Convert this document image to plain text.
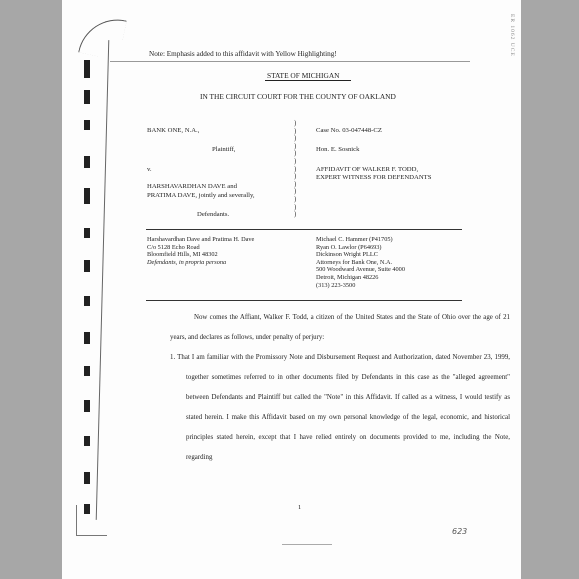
ER 1062 UCE
Note: Emphasis added to this affidavit with Yellow Highlighting!
STATE OF MICHIGAN
IN THE CIRCUIT COURT FOR THE COUNTY OF OAKLAND
BANK ONE, N.A.,
Plaintiff,
v.
HARSHAVARDHAN DAVE and
PRATIMA DAVE, jointly and severally,
Defendants.
)
)
)
)
)
)
)
)
)
)
)
)
)
Case No. 03-047448-CZ
Hon. E. Sosnick
AFFIDAVIT OF WALKER F. TODD,
EXPERT WITNESS FOR DEFENDANTS
Harshavardhan Dave and Pratima H. Dave
C/o 5128 Echo Road
Bloomfield Hills, MI 48302
Defendants, in propria persona
Michael C. Hammer (P41705)
Ryan O. Lawlor (P64693)
Dickinson Wright PLLC
Attorneys for Bank One, N.A.
500 Woodward Avenue, Suite 4000
Detroit, Michigan 48226
(313) 223-3500

Now comes the Affiant, Walker F. Todd, a citizen of the United States and the State of Ohio over the age of 21 years, and declares as follows, under penalty of perjury:

1. That I am familiar with the Promissory Note and Disbursement Request and Authorization, dated November 23, 1999, together sometimes referred to in other documents filed by Defendants in this case as the "alleged agreement" between Defendants and Plaintiff but called the "Note" in this Affidavit. If called as a witness, I would testify as stated herein. I make this Affidavit based on my own personal knowledge of the legal, economic, and historical principles stated herein, except that I have relied entirely on documents provided to me, including the Note, regarding

1
623
